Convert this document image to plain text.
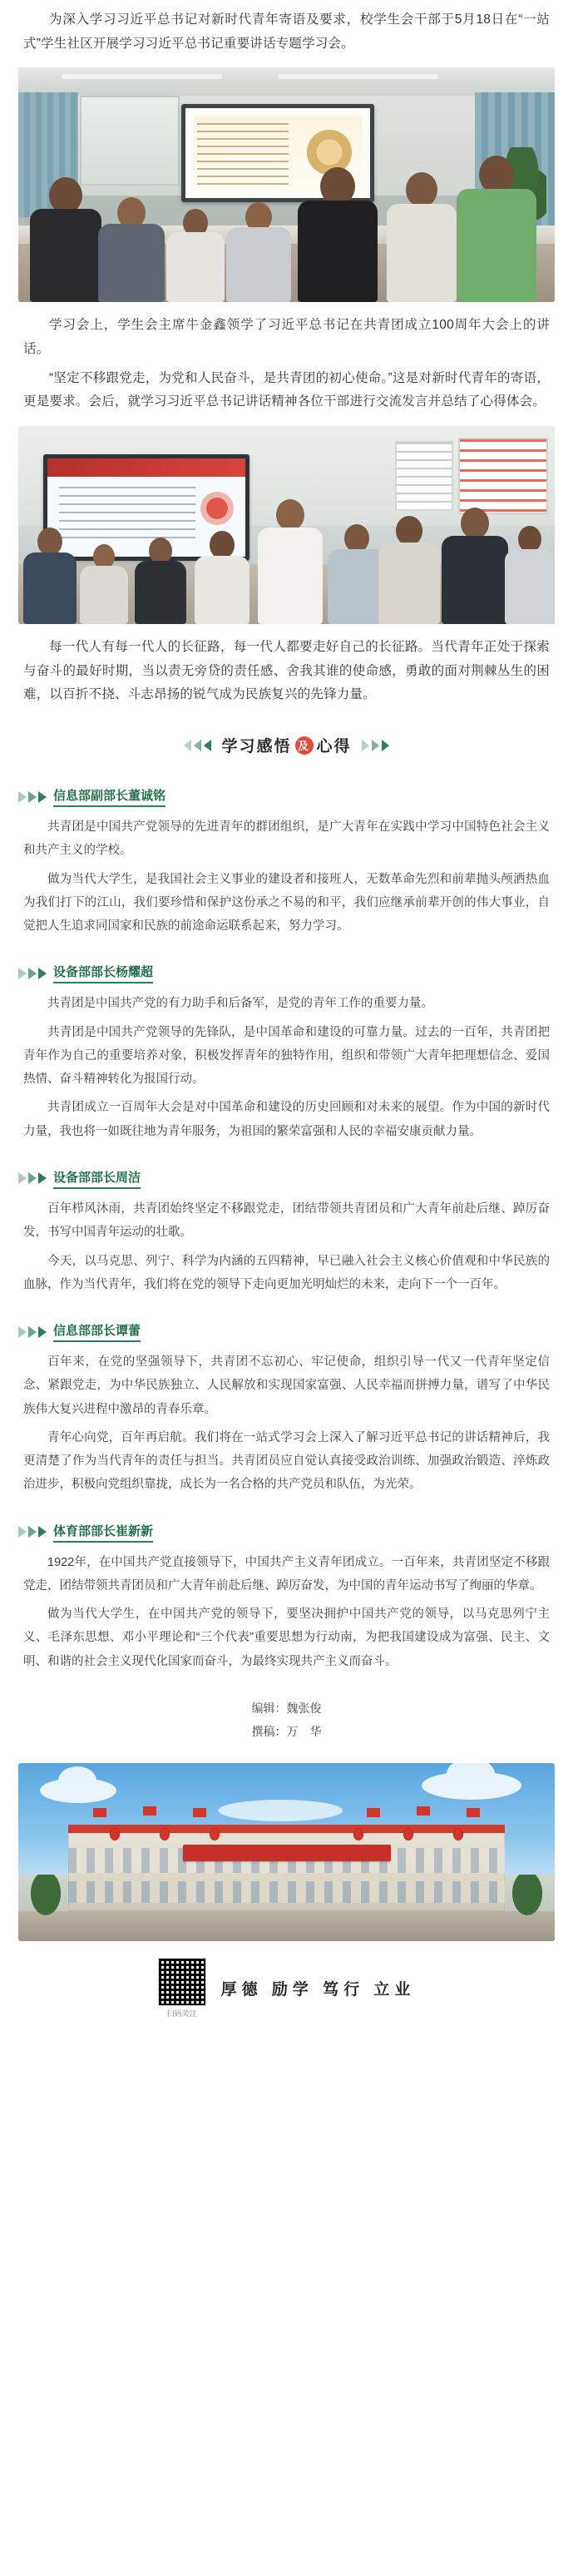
为深入学习习近平总书记对新时代青年寄语及要求，校学生会干部于5月18日在“一站式”学生社区开展学习习近平总书记重要讲话专题学习会。
学习会上，学生会主席牛金鑫领学了习近平总书记在共青团成立100周年大会上的讲话。
“坚定不移跟党走，为党和人民奋斗，是共青团的初心使命。”这是对新时代青年的寄语，更是要求。会后，就学习习近平总书记讲话精神各位干部进行交流发言并总结了心得体会。
每一代人有每一代人的长征路，每一代人都要走好自己的长征路。当代青年正处于探索与奋斗的最好时期，当以责无旁贷的责任感、舍我其谁的使命感，勇敢的面对荆棘丛生的困难，以百折不挠、斗志昂扬的锐气成为民族复兴的先锋力量。
学习感悟 及 心得
信息部副部长董诚铭

共青团是中国共产党领导的先进青年的群团组织，是广大青年在实践中学习中国特色社会主义和共产主义的学校。

做为当代大学生，是我国社会主义事业的建设者和接班人，无数革命先烈和前辈抛头颅洒热血为我们打下的江山，我们要珍惜和保护这份承之不易的和平，我们应继承前辈开创的伟大事业，自觉把人生追求同国家和民族的前途命运联系起来，努力学习。

设备部部长杨耀超

共青团是中国共产党的有力助手和后备军，是党的青年工作的重要力量。

共青团是中国共产党领导的先锋队，是中国革命和建设的可靠力量。过去的一百年，共青团把青年作为自己的重要培养对象，积极发挥青年的独特作用，组织和带领广大青年把理想信念、爱国热情、奋斗精神转化为报国行动。

共青团成立一百周年大会是对中国革命和建设的历史回顾和对未来的展望。作为中国的新时代力量，我也将一如既往地为青年服务，为祖国的繁荣富强和人民的幸福安康贡献力量。

设备部部长周洁

百年栉风沐雨，共青团始终坚定不移跟党走，团结带领共青团员和广大青年前赴后继、踔厉奋发，书写中国青年运动的壮歌。

今天，以马克思、列宁、科学为内涵的五四精神，早已融入社会主义核心价值观和中华民族的血脉，作为当代青年，我们将在党的领导下走向更加光明灿烂的未来，走向下一个一百年。

信息部部长谭蕾

百年来，在党的坚强领导下，共青团不忘初心、牢记使命，组织引导一代又一代青年坚定信念、紧跟党走，为中华民族独立、人民解放和实现国家富强、人民幸福而拼搏力量，谱写了中华民族伟大复兴进程中激昂的青春乐章。

青年心向党，百年再启航。我们将在一站式学习会上深入了解习近平总书记的讲话精神后，我更清楚了作为当代青年的责任与担当。共青团员应自觉认真接受政治训练、加强政治锻造、淬炼政治进步，积极向党组织靠拢，成长为一名合格的共产党员和队伍，为光荣。

体育部部长崔新新

1922年，在中国共产党直接领导下，中国共产主义青年团成立。一百年来，共青团坚定不移跟党走，团结带领共青团员和广大青年前赴后继、踔厉奋发，为中国的青年运动书写了绚丽的华章。

做为当代大学生，在中国共产党的领导下，要坚决拥护中国共产党的领导，以马克思列宁主义、毛泽东思想、邓小平理论和“三个代表”重要思想为行动南，为把我国建设成为富强、民主、文明、和谐的社会主义现代化国家而奋斗，为最终实现共产主义而奋斗。

编辑：魏张俊
撰稿：万　华
扫码关注
厚德 励学 笃行 立业
